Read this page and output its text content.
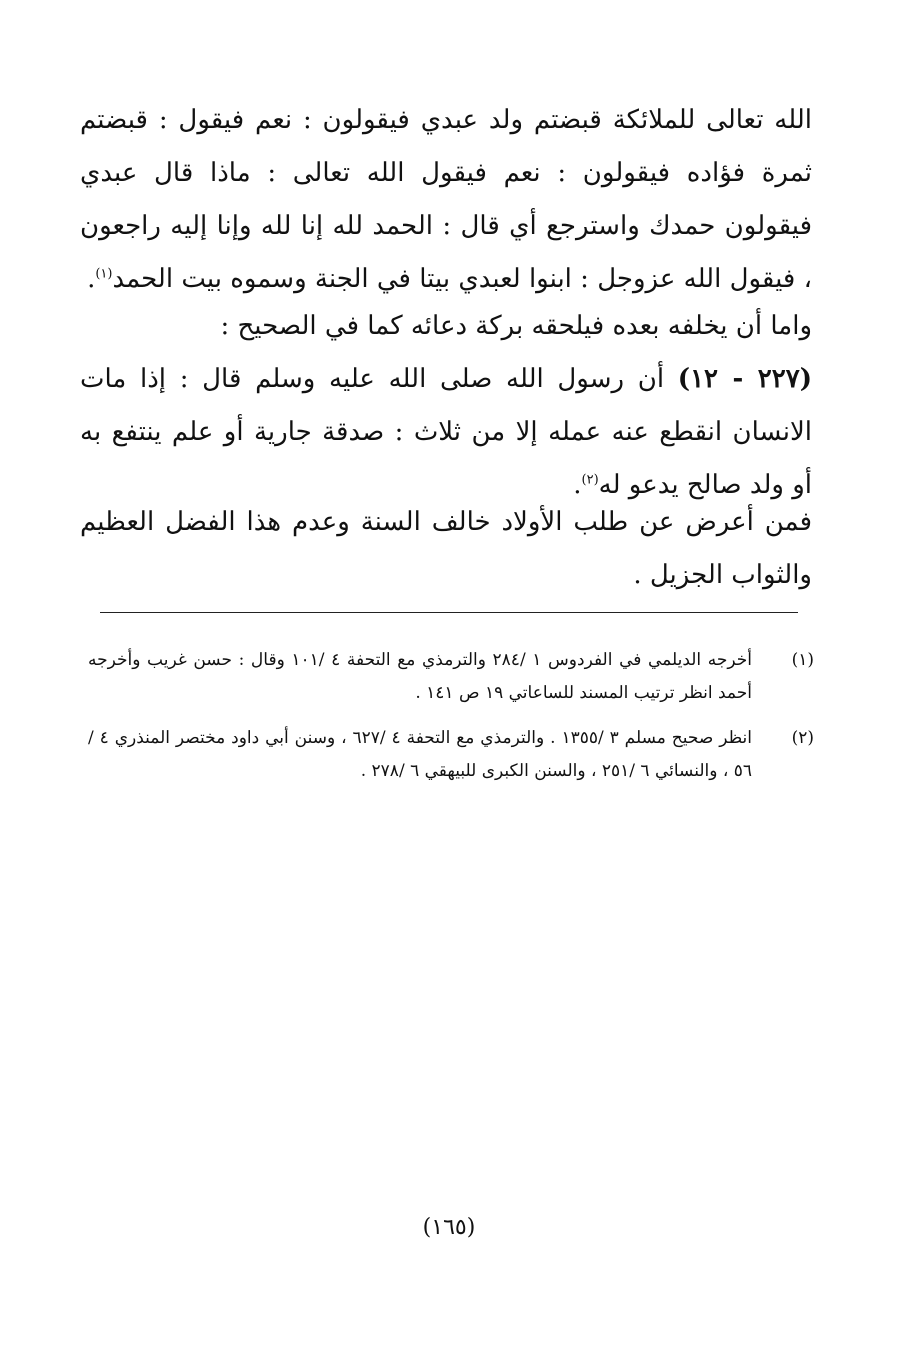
الله تعالى للملائكة قبضتم ولد عبدي فيقولون : نعم فيقول : قبضتم ثمرة فؤاده فيقولون : نعم فيقول الله تعالى : ماذا قال عبدي فيقولون حمدك واسترجع أي قال : الحمد لله إنا لله وإنا إليه راجعون ، فيقول الله عزوجل : ابنوا لعبدي بيتا في الجنة وسموه بيت الحمد$^{(١)}$.

واما أن يخلفه بعده فيلحقه بركة دعائه كما في الصحيح :

(٢٢٧ - ١٢) أن رسول الله صلى الله عليه وسلم قال : إذا مات الانسان انقطع عنه عمله إلا من ثلاث : صدقة جارية أو علم ينتفع به أو ولد صالح يدعو له$^{(٢)}$.

فمن أعرض عن طلب الأولاد خالف السنة وعدم هذا الفضل العظيم والثواب الجزيل .

(١)
أخرجه الديلمي في الفردوس ١ /٢٨٤ والترمذي مع التحفة ٤ /١٠١ وقال : حسن غريب وأخرجه أحمد انظر ترتيب المسند للساعاتي ١٩ ص ١٤١ .
(٢)
انظر صحيح مسلم ٣ /١٣٥٥ . والترمذي مع التحفة ٤ /٦٢٧ ، وسنن أبي داود مختصر المنذري ٤ /٥٦ ، والنسائي ٦ /٢٥١ ، والسنن الكبرى للبيهقي ٦ /٢٧٨ .
(١٦٥)
